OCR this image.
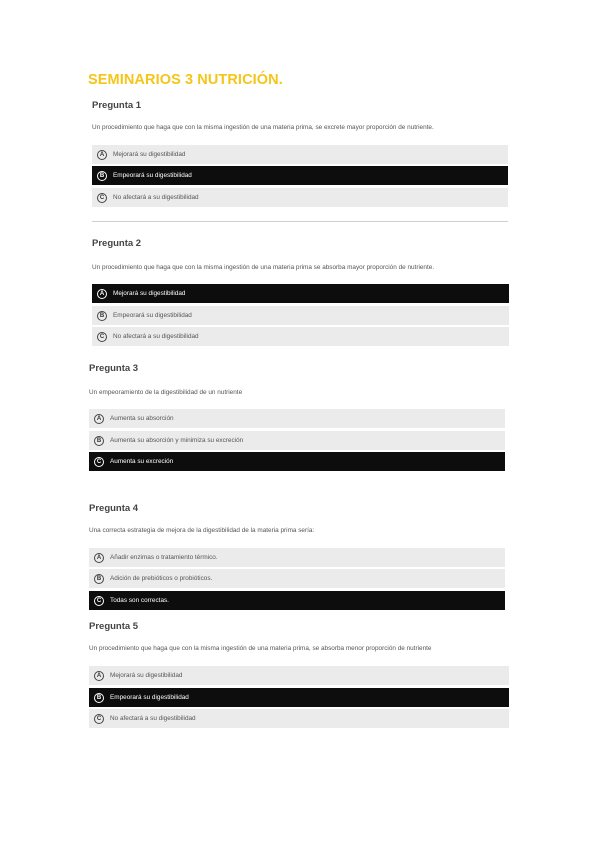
SEMINARIOS 3 NUTRICIÓN.
Pregunta 1

Un procedimiento que haga que con la misma ingestión de una materia prima, se excrete mayor proporción de nutriente.

A	Mejorará su digestibilidad
B	Empeorará su digestibilidad
C	No afectará a su digestibilidad
Pregunta 2

Un procedimiento que haga que con la misma ingestión de una materia prima se absorba mayor proporción de nutriente.

A	Mejorará su digestibilidad
B	Empeorará su digestibilidad
C	No afectará a su digestibilidad
Pregunta 3

Un empeoramiento de la digestibilidad de un nutriente

A	Aumenta su absorción
B	Aumenta su absorción y minimiza su excreción
C	Aumenta su excreción
Pregunta 4

Una correcta estrategia de mejora de la digestibilidad de la materia prima sería:

A	Añadir enzimas o tratamiento térmico.
B	Adición de prebióticos o probióticos.
C	Todas son correctas.
Pregunta 5

Un procedimiento que haga que con la misma ingestión de una materia prima, se absorba menor proporción de nutriente

A	Mejorará su digestibilidad
B	Empeorará su digestibilidad
C	No afectará a su digestibilidad
